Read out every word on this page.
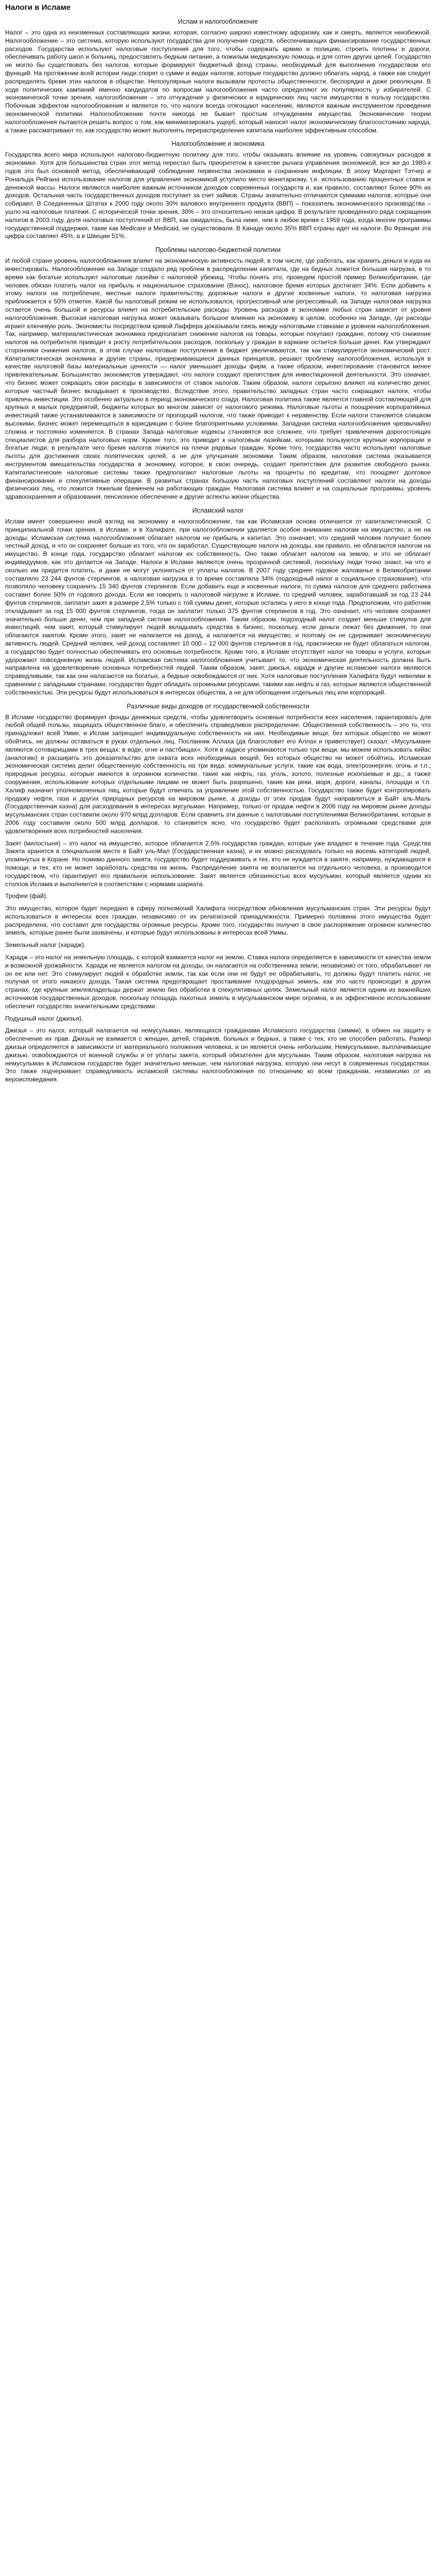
Налоги в Исламе
Ислам и налогообложение

Налог – это одна из неизменных составляющих жизни, которая, согласно широко известному афоризму, как и смерть, является неизбежной. Налогообложение – это система, которую используют государства для получения средств, обеспечивающих финансирование государственных расходов. Государства используют налоговые поступления для того, чтобы содержать армию и полицию, строить плотины и дороги, обеспечивать работу школ и больниц, предоставлять бедным питание, а пожилым медицинскую помощь и для сотен других целей. Государство не могло бы существовать без налогов, которые формируют бюджетный фонд страны, необходимый для выполнения государством его функций. На протяжении всей истории люди спорят о сумме и видах налогов, которые государство должно облагать народ, а также как следует распределять бремя этих налогов в обществе. Непопулярные налоги вызывали протесты общественности, беспорядки и даже революции. В ходе политических кампаний именно кандидатов по вопросам налогообложения часто определяют их популярность у избирателей. С экономической точки зрения, налогообложение – это отчуждение у физических и юридических лиц части имущества в пользу государства. Побочным эффектом налогообложения и является то, что налоги всегда отягощают население, являются важным инструментом проведения экономической политики. Налогообложение почти никогда не бывает простым отчуждением имущества. Экономические теории налогообложения пытаются решить вопрос о том, как минимизировать ущерб, который наносит налог экономическому благосостоянию народа, а также рассматривают то, как государство может выполнять перераспределение капитала наиболее эффективным способом.

Налогообложение и экономика

Государства всего мира используют налогово-бюджетную политику для того, чтобы оказывать влияние на уровень совокупных расходов в экономике. Хотя для большинства стран этот метод перестал быть приоритетом в качестве рычага управления экономикой, все же до 1980-х годов это был основной метод, обеспечивающий соблюдение первенства экономики и сохранение инфляции. В эпоху Маргарет Тэтчер и Рональда Рейгана использование налогов для управления экономикой уступило место монетаризму, т.е. использованию процентных ставок и денежной массы. Налоги являются наиболее важным источником доходов современных государств и, как правило, составляют более 90% их доходов. Остальная часть государственных доходов поступает за счет займов. Страны значительно отличаются суммами налогов, которые они собирают. В Соединенных Штатах к 2000 году около 30% валового внутреннего продукта (ВВП) – показатель экономического производства – ушло на налоговые платежи. С исторической точки зрения, 30% – это относительно низкая цифра. В результате проведенного ряда сокращения налогов в 2003 году, доля налоговых поступлений от ВВП, как ожидалось, была ниже, чем в любое время с 1959 года, когда многие программы государственной поддержки, такие как Medicare и Medicaid, не существовали. В Канаде около 35% ВВП страны идет на налоги. Во Франции эта цифра составляет 45%, а в Швеции 51%.

Проблемы налогово-бюджетной политики

И любой стране уровень налогообложения влияет на экономическую активность людей, в том числе, где работать, как хранить деньги и куда их инвестировать. Налогообложение на Западе создало ряд проблем в распределении капитала, где на бедных ложится большая нагрузка, в то время как богатые используют налоговые лазейки с налоговой убежищ. Чтобы понять это, проведем простой пример Великобритании, где человек обязан платить налог на прибыль и национальное страхование (Взнос), налоговое бремя которых достигает 34%. Если добавить к этому налоги на потребление, местные налоги правительству, дорожные налоги и другие косвенные налоги, то налоговая нагрузка приближается к 50% отметке. Какой бы налоговый режим не использовался, прогрессивный или регрессивный, на Западе налоговая нагрузка остается очень большой и ресурсы влияет на потребительские расходы. Уровень расходов в экономике любых стран зависит от уровня налогообложения. Высокая налоговая нагрузка может оказывать большое влияние на экономику в целом, особенно на Западе, где расходы играют ключевую роль. Экономисты посредством кривой Лаффера доказывали связь между налоговыми ставками и уровнем налогообложения. Так, например, материалистическая экономика предполагает снижение налогов на товары, которые покупают граждане, потому что снижение налогов на потребителя приводит к росту потребительских расходов, поскольку у граждан в кармане остается больше денег. Как утверждают сторонники снижения налогов, в этом случае налоговые поступления в бюджет увеличиваются, так как стимулируется экономический рост. Капиталистическая экономика и другие страны, придерживающиеся данных принципов, решают проблему налогообложения, используя в качестве налоговой базы материальные ценности — налог уменьшает доходы фирм, а также образом, инвестирование становится менее привлекательным. Большинство экономистов утверждают, что налоги создают препятствия для инвестиционной деятельности. Это означает, что бизнес может сокращать свои расходы в зависимости от ставок налогов. Таким образом, налоги серьезно влияют на количество денег, которые частный бизнес вкладывает в производство. Вследствие этого, правительство западных стран часто сокращают налоги, чтобы привлечь инвестиции. Это особенно актуально в период экономического спада. Налоговая политика также является главной составляющей для крупных и малых предприятий, бюджеты которых во многом зависят от налогового режима. Налоговые льготы и поощрения корпоративных инвестиций также устанавливаются в зависимости от пропорций налогов, что также приводит к неравенству. Если налоги становятся слишком высокими, бизнес может перемещаться в юрисдикции с более благоприятными условиями. Западная система налогообложения чрезвычайно сложна и постоянно изменяется. В странах Запада налоговые кодексы становятся все сложнее, что требует привлечения дорогостоящих специалистов для разбора налоговых норм. Кроме того, это приводит к налоговым лазейкам, которыми пользуются крупные корпорации и богатые люди, в результате чего бремя налогов ложится на плечи рядовых граждан. Кроме того, государства часто используют налоговые льготы для достижения своих политических целей, а не для улучшения экономики. Таким образом, налоговая система оказывается инструментом вмешательства государства в экономику, которое, в свою очередь, создает препятствия для развития свободного рынка. Капиталистические налоговые системы также предполагают налоговые льготы на проценты по кредитам, что поощряет долговое финансирование и спекулятивные операции. В развитых странах большую часть налоговых поступлений составляют налоги на доходы физических лиц, что ложится тяжелым бременем на работающих граждан. Налоговая система влияет и на социальные программы, уровень здравоохранения и образования, пенсионное обеспечение и другие аспекты жизни общества.

Исламский налог

Ислам имеет совершенно иной взгляд на экономику и налогообложение, так как Исламская основа отличается от капиталистической. С принципиальной точки зрения, в Исламе, и в Халифате, при налогообложении удаляется особое внимание налогам на имущество, а не на доходы. Исламская система налогообложения облагает налогом не прибыль и капитал. Это означает, что средний человек получает более честный доход, и что он сохраняет больше из того, что он заработал. Существующие налоги на доходы, как правило, не облагаются налогом на имущество. В конце года, государство облагает налогом их собственность. Оно также облагает налогом на землю, и это не облагает индивидуумов, как это делается на Западе. Налоги в Исламе являются очень прозрачной системой, поскольку люди точно знают, на что и сколько им придется платить, и даже не могут уклоняться от уплаты налогов. В 2007 году среднее годовое жалованье в Великобритании составляло 23 244 фунтов стерлингов, а налоговая нагрузка в то время составляла 34% (подоходный налог и социальное страхование), что позволяло человеку сохранить 15 340 фунтов стерлингов. Если добавить еще и косвенные налоги, то сумма налогов для среднего работника составит более 50% от годового дохода. Если же говорить о налоговой нагрузке в Исламе, то средний человек, заработавший за год 23 244 фунтов стерлингов, заплатит закят в размере 2,5% только с той суммы денег, которые остались у него в конце года. Предположим, что работник откладывает за год 15 000 фунтов стерлингов, тогда он заплатит только 375 фунтов стерлингов в год. Это означает, что человек сохраняет значительно больше денег, чем при западной системе налогообложения. Таким образом, подоходный налог создает меньше стимулов для инвестиций, чем закят, который стимулирует людей вкладывать средства в бизнес, поскольку, если деньги лежат без движения, то они облагаются закятом. Кроме этого, закят не налагается на доход, а налагается на имущество, и поэтому он не сдерживает экономическую активность людей. Средний человек, чей доход составляет 10 000 – 12 000 фунтов стерлингов в год, практически не будет облагаться налогом, а государство будет полностью обеспечивать его основные потребности. Кроме того, в Исламе отсутствует налог на товары и услуги, которые удорожают повседневную жизнь людей. Исламская система налогообложения учитывает то, что экономическая деятельность должна быть направлена на удовлетворение основных потребностей людей. Таким образом, закят, джизья, харадж и другие исламские налоги являются справедливыми, так как они налагаются на богатых, а бедные освобождаются от них. Хотя налоговые поступления Халифата будут невелики в сравнении с западными странами, государство будет обладать огромными ресурсами, такими как нефть и газ, которые являются общественной собственностью. Эти ресурсы будут использоваться в интересах общества, а не для обогащения отдельных лиц или корпораций.

Различные виды доходов от государственной собственности

В Исламе государство формирует фонды денежных средств, чтобы удовлетворить основные потребности всех населения, гарантировать для любой общей пользы, защищать общественное благо, и обеспечить справедливое распределение. Общественная собственность – это то, что принадлежит всей Умме, и Ислам запрещает индивидуальную собственность на них. Необходимые вещи, без которых общество не может обойтись, не должны оставаться в руках отдельных лиц. Посланник Аллаха (да благословит его Аллах и приветствует) сказал: «Мусульмане являются сотоварищами в трех вещах: в воде, огне и пастбищах». Хотя в хадисе упоминаются только три вещи, мы можем использовать кийас (аналогию) и расширить это доказательство для охвата всех необходимых вещей, без которых общество не может обойтись. Исламская экономическая система делит общественную собственность на три вида: коммунальные услуги, такие как вода, электроэнергия, огонь и т.п.; природные ресурсы, которые имеются в огромном количестве, такие как нефть, газ, уголь, золото, полезные ископаемые и др.; а также сооружения, использование которых отдельными лицами не может быть разрешено, такие как реки, моря, дороги, каналы, площади и т.п. Халиф назначит уполномоченных лиц, которые будут отвечать за управление этой собственностью. Государство также будет контролировать продажу нефти, газа и других природных ресурсов на мировом рынке, а доходы от этих продаж будут направляться в Байт аль-Маль (Государственная казна) для расходования в интересах мусульман. Например, только от продаж нефти в 2006 году на мировом рынке доходы мусульманских стран составили около 970 млрд долларов. Если сравнить эти данные с налоговыми поступлениями Великобритании, которые в 2006 году составили около 500 млрд долларов, то становится ясно, что государство будет располагать огромными средствами для удовлетворения всех потребностей населения.

Закят (милостыня) – это налог на имущество, которое облагается 2,5% государства граждан, которые уже владеют в течение года. Средства Закята хранятся в специальном месте в Байт уль-Мал (Государственная казна), и их можно расходовать только на восемь категорий людей, упомянутых в Коране. Но помимо данного закята, государство будет поддерживать и тех, кто не нуждается в закяте, например, нуждающихся в помощи, и тех, кто не может заработать средства на жизнь. Распределение закята не возлагается на отдельного человека, а производится государством, что гарантирует его правильное использование. Закят является обязанностью всех мусульман, который является одним из столпов Ислама и выполняется в соответствии с нормами шариата.

Трофеи (фай).

Это имущество, которое будет передано в сферу полномочий Халифата посредством обновления мусульманских стран. Эти ресурсы будут использоваться в интересах всех граждан, независимо от их религиозной принадлежности. Примерно половина этого имущества будет распределена, что составит для государства огромные ресурсы. Кроме того, государство получит в свое распоряжение огромное количество земель, которые ранее были захвачены, и которые будут использованы в интересах всей Уммы.

Земельный налог (харадж).

Харадж – это налог на земельную площадь, с которой взимается налог на землю. Ставка налога определяется в зависимости от качества земли и возможной урожайности. Харадж не является налогом на доходы, он налагается на собственника земли, независимо от того, обрабатывает ли он ее или нет. Это стимулирует людей к обработке земли, так как если они не будут ее обрабатывать, то должны будут платить налог, не получая от этого никакого дохода. Такая система предотвращает простаивание плодородных земель, как это часто происходит в других странах, где крупные землевладельцы держат землю без обработки в спекулятивных целях. Земельный налог является одним из важнейших источников государственных доходов, поскольку площадь пахотных земель в мусульманском мире огромна, и их эффективное использование обеспечит государство значительными средствами.

Подушный налог (джизья).

Джизья – это налог, который налагается на немусульман, являющихся гражданами Исламского государства (зимми), в обмен на защиту и обеспечение их прав. Джизья не взимается с женщин, детей, стариков, больных и бедных, а также с тех, кто не способен работать. Размер джизьи определяется в зависимости от материального положения человека, и он является очень небольшим. Немусульмане, выплачивающие джизью, освобождаются от военной службы и от уплаты закята, который обязателен для мусульман. Таким образом, налоговая нагрузка на немусульман в Исламском государстве будет значительно меньше, чем налоговая нагрузка, которую они несут в современных государствах. Это также подчеркивает справедливость исламской системы налогообложения по отношению ко всем гражданам, независимо от их вероисповедания.
